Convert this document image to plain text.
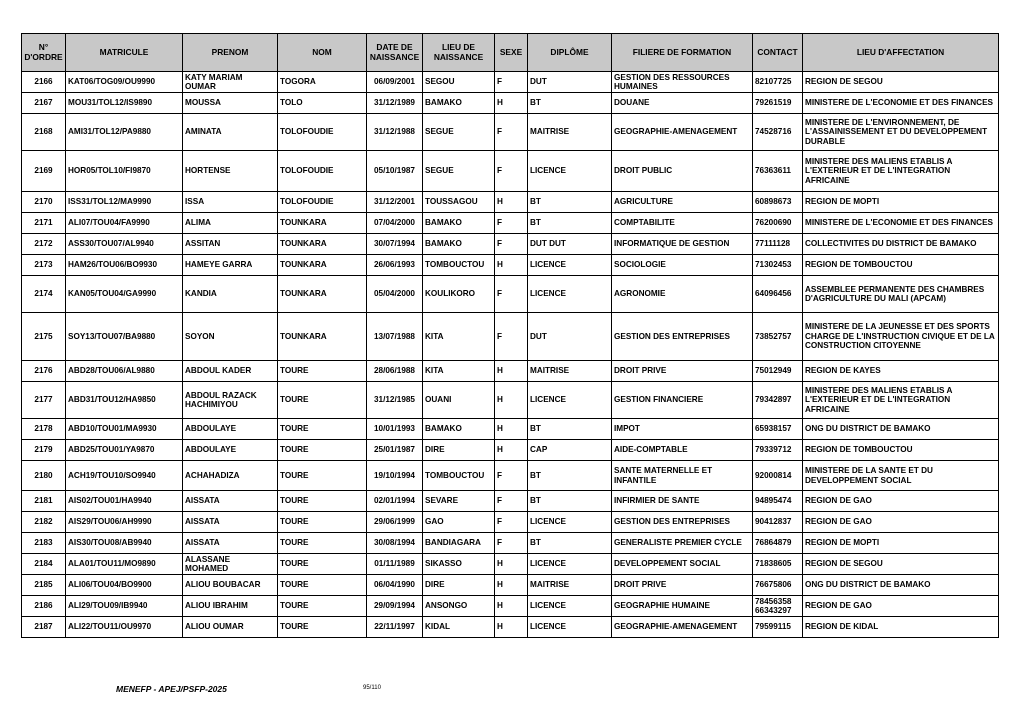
N° D'ORDRE	MATRICULE	PRENOM	NOM	DATE DE NAISSANCE	LIEU DE NAISSANCE	SEXE	DIPLÔME	FILIERE DE FORMATION	CONTACT	LIEU D'AFFECTATION
2166	KAT06/TOG09/OU9990	KATY MARIAM OUMAR	TOGORA	06/09/2001	SEGOU	F	DUT	GESTION DES RESSOURCES HUMAINES	82107725	REGION DE SEGOU
2167	MOU31/TOL12/IS9890	MOUSSA	TOLO	31/12/1989	BAMAKO	H	BT	DOUANE	79261519	MINISTERE DE L'ECONOMIE ET DES FINANCES
2168	AMI31/TOL12/PA9880	AMINATA	TOLOFOUDIE	31/12/1988	SEGUE	F	MAITRISE	GEOGRAPHIE-AMENAGEMENT	74528716	MINISTERE DE L'ENVIRONNEMENT, DE L'ASSAINISSEMENT ET DU DEVELOPPEMENT DURABLE
2169	HOR05/TOL10/FI9870	HORTENSE	TOLOFOUDIE	05/10/1987	SEGUE	F	LICENCE	DROIT PUBLIC	76363611	MINISTERE DES MALIENS ETABLIS A L'EXTERIEUR ET DE L'INTEGRATION AFRICAINE
2170	ISS31/TOL12/MA9990	ISSA	TOLOFOUDIE	31/12/2001	TOUSSAGOU	H	BT	AGRICULTURE	60898673	REGION DE MOPTI
2171	ALI07/TOU04/FA9990	ALIMA	TOUNKARA	07/04/2000	BAMAKO	F	BT	COMPTABILITE	76200690	MINISTERE DE L'ECONOMIE ET DES FINANCES
2172	ASS30/TOU07/AL9940	ASSITAN	TOUNKARA	30/07/1994	BAMAKO	F	DUT DUT	INFORMATIQUE DE GESTION	77111128	COLLECTIVITES DU DISTRICT DE BAMAKO
2173	HAM26/TOU06/BO9930	HAMEYE GARRA	TOUNKARA	26/06/1993	TOMBOUCTOU	H	LICENCE	SOCIOLOGIE	71302453	REGION DE TOMBOUCTOU
2174	KAN05/TOU04/GA9990	KANDIA	TOUNKARA	05/04/2000	KOULIKORO	F	LICENCE	AGRONOMIE	64096456	ASSEMBLEE PERMANENTE DES CHAMBRES D'AGRICULTURE DU MALI (APCAM)
2175	SOY13/TOU07/BA9880	SOYON	TOUNKARA	13/07/1988	KITA	F	DUT	GESTION DES ENTREPRISES	73852757	MINISTERE DE LA JEUNESSE ET DES SPORTS CHARGE DE L'INSTRUCTION CIVIQUE ET DE LA CONSTRUCTION CITOYENNE
2176	ABD28/TOU06/AL9880	ABDOUL KADER	TOURE	28/06/1988	KITA	H	MAITRISE	DROIT PRIVE	75012949	REGION DE KAYES
2177	ABD31/TOU12/HA9850	ABDOUL RAZACK HACHIMIYOU	TOURE	31/12/1985	OUANI	H	LICENCE	GESTION FINANCIERE	79342897	MINISTERE DES MALIENS ETABLIS A L'EXTERIEUR ET DE L'INTEGRATION AFRICAINE
2178	ABD10/TOU01/MA9930	ABDOULAYE	TOURE	10/01/1993	BAMAKO	H	BT	IMPOT	65938157	ONG DU DISTRICT DE BAMAKO
2179	ABD25/TOU01/YA9870	ABDOULAYE	TOURE	25/01/1987	DIRE	H	CAP	AIDE-COMPTABLE	79339712	REGION DE TOMBOUCTOU
2180	ACH19/TOU10/SO9940	ACHAHADIZA	TOURE	19/10/1994	TOMBOUCTOU	F	BT	SANTE MATERNELLE ET INFANTILE	92000814	MINISTERE DE LA SANTE ET DU DEVELOPPEMENT SOCIAL
2181	AIS02/TOU01/HA9940	AISSATA	TOURE	02/01/1994	SEVARE	F	BT	INFIRMIER DE SANTE	94895474	REGION DE GAO
2182	AIS29/TOU06/AH9990	AISSATA	TOURE	29/06/1999	GAO	F	LICENCE	GESTION DES ENTREPRISES	90412837	REGION DE GAO
2183	AIS30/TOU08/AB9940	AISSATA	TOURE	30/08/1994	BANDIAGARA	F	BT	GENERALISTE PREMIER CYCLE	76864879	REGION DE MOPTI
2184	ALA01/TOU11/MO9890	ALASSANE MOHAMED	TOURE	01/11/1989	SIKASSO	H	LICENCE	DEVELOPPEMENT SOCIAL	71838605	REGION DE SEGOU
2185	ALI06/TOU04/BO9900	ALIOU BOUBACAR	TOURE	06/04/1990	DIRE	H	MAITRISE	DROIT PRIVE	76675806	ONG DU DISTRICT DE BAMAKO
2186	ALI29/TOU09/IB9940	ALIOU IBRAHIM	TOURE	29/09/1994	ANSONGO	H	LICENCE	GEOGRAPHIE HUMAINE	78456358 66343297	REGION DE GAO
2187	ALI22/TOU11/OU9970	ALIOU OUMAR	TOURE	22/11/1997	KIDAL	H	LICENCE	GEOGRAPHIE-AMENAGEMENT	79599115	REGION DE KIDAL
MENEFP - APEJ/PSFP-2025	95/110
